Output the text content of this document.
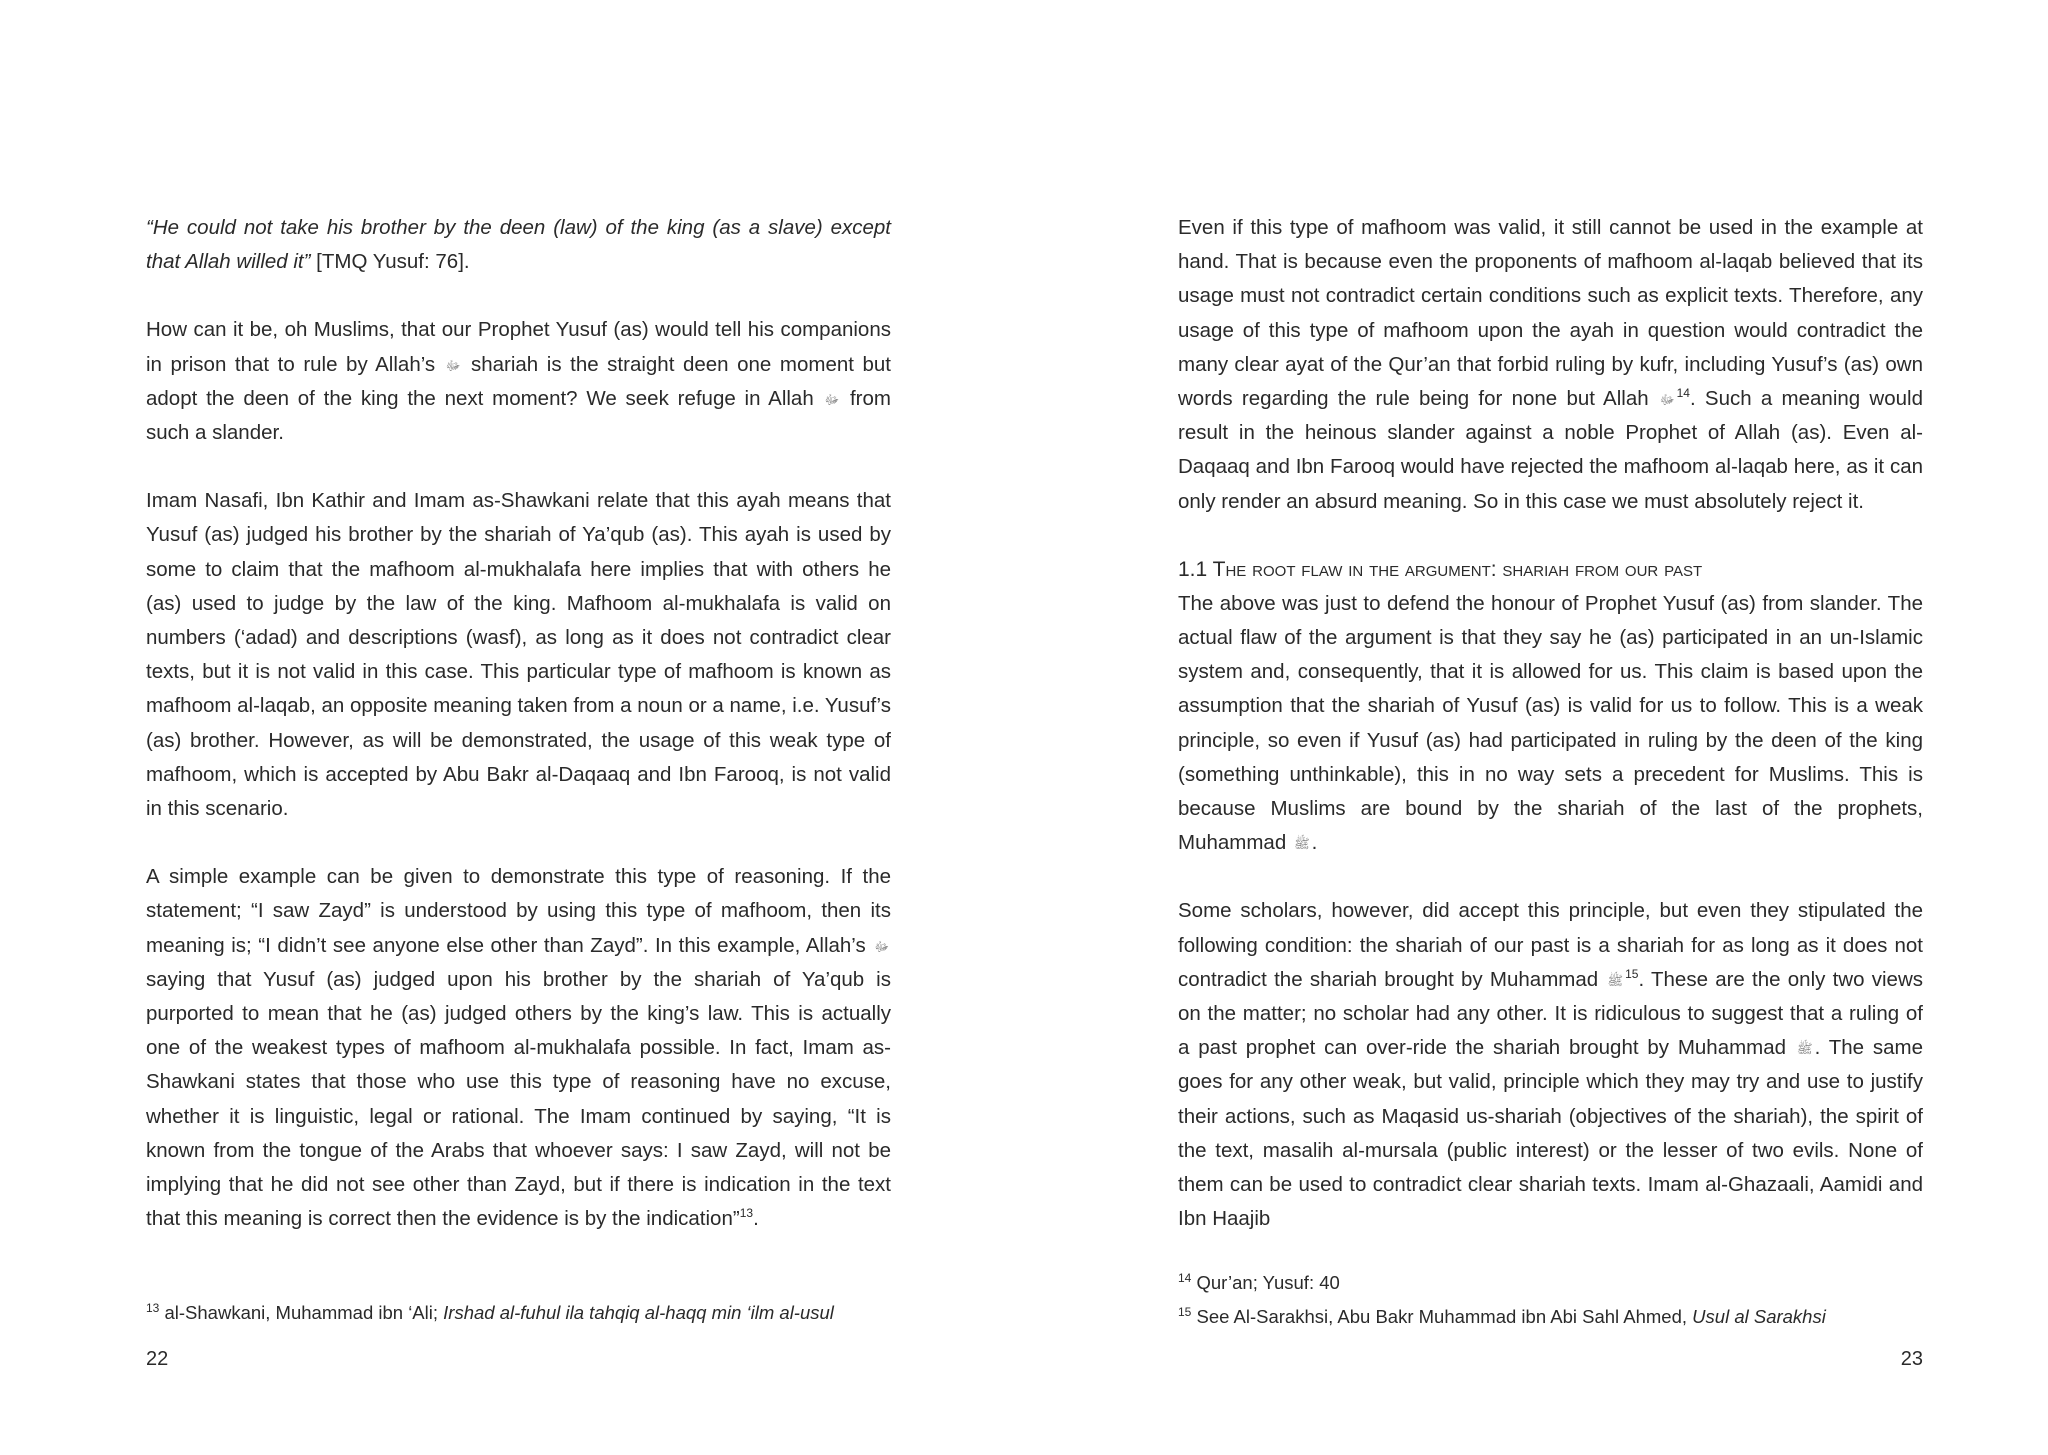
“He could not take his brother by the deen (law) of the king (as a slave) except that Allah willed it” [TMQ Yusuf: 76].

How can it be, oh Muslims, that our Prophet Yusuf (as) would tell his companions in prison that to rule by Allah’s ﷻ shariah is the straight deen one moment but adopt the deen of the king the next moment? We seek refuge in Allah ﷻ from such a slander.

Imam Nasafi, Ibn Kathir and Imam as-Shawkani relate that this ayah means that Yusuf (as) judged his brother by the shariah of Ya’qub (as). This ayah is used by some to claim that the mafhoom al-mukhalafa here implies that with others he (as) used to judge by the law of the king. Mafhoom al-mukhalafa is valid on numbers (‘adad) and descriptions (wasf), as long as it does not contradict clear texts, but it is not valid in this case. This particular type of mafhoom is known as mafhoom al-laqab, an opposite meaning taken from a noun or a name, i.e. Yusuf’s (as) brother. However, as will be demonstrated, the usage of this weak type of mafhoom, which is accepted by Abu Bakr al-Daqaaq and Ibn Farooq, is not valid in this scenario.

A simple example can be given to demonstrate this type of reasoning. If the statement; “I saw Zayd” is understood by using this type of mafhoom, then its meaning is; “I didn’t see anyone else other than Zayd”. In this example, Allah’s ﷻ saying that Yusuf (as) judged upon his brother by the shariah of Ya’qub is purported to mean that he (as) judged others by the king’s law. This is actually one of the weakest types of mafhoom al-mukhalafa possible. In fact, Imam as-Shawkani states that those who use this type of reasoning have no excuse, whether it is linguistic, legal or rational. The Imam continued by saying, “It is known from the tongue of the Arabs that whoever says: I saw Zayd, will not be implying that he did not see other than Zayd, but if there is indication in the text that this meaning is correct then the evidence is by the indication”$^{13}$.

$^{13}$ al-Shawkani, Muhammad ibn ‘Ali; Irshad al-fuhul ila tahqiq al-haqq min ‘ilm al-usul

22

Even if this type of mafhoom was valid, it still cannot be used in the example at hand. That is because even the proponents of mafhoom al-laqab believed that its usage must not contradict certain conditions such as explicit texts. Therefore, any usage of this type of mafhoom upon the ayah in question would contradict the many clear ayat of the Qur’an that forbid ruling by kufr, including Yusuf’s (as) own words regarding the rule being for none but Allah ﷻ $^{14}$. Such a meaning would result in the heinous slander against a noble Prophet of Allah (as). Even al-Daqaaq and Ibn Farooq would have rejected the mafhoom al-laqab here, as it can only render an absurd meaning. So in this case we must absolutely reject it.

1.1 The root flaw in the argument: shariah from our past

The above was just to defend the honour of Prophet Yusuf (as) from slander. The actual flaw of the argument is that they say he (as) participated in an un-Islamic system and, consequently, that it is allowed for us. This claim is based upon the assumption that the shariah of Yusuf (as) is valid for us to follow. This is a weak principle, so even if Yusuf (as) had participated in ruling by the deen of the king (something unthinkable), this in no way sets a precedent for Muslims. This is because Muslims are bound by the shariah of the last of the prophets, Muhammad ﷺ.

Some scholars, however, did accept this principle, but even they stipulated the following condition: the shariah of our past is a shariah for as long as it does not contradict the shariah brought by Muhammad ﷺ $^{15}$. These are the only two views on the matter; no scholar had any other. It is ridiculous to suggest that a ruling of a past prophet can over-ride the shariah brought by Muhammad ﷺ. The same goes for any other weak, but valid, principle which they may try and use to justify their actions, such as Maqasid us-shariah (objectives of the shariah), the spirit of the text, masalih al-mursala (public interest) or the lesser of two evils. None of them can be used to contradict clear shariah texts. Imam al-Ghazaali, Aamidi and Ibn Haajib

$^{14}$ Qur’an; Yusuf: 40

$^{15}$ See Al-Sarakhsi, Abu Bakr Muhammad ibn Abi Sahl Ahmed, Usul al Sarakhsi

23
